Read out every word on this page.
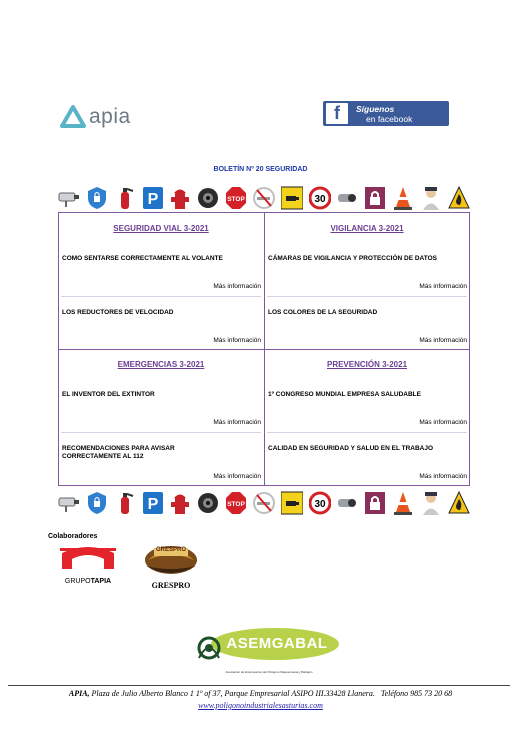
apia	f	Síguenos
en facebook
BOLETÍN Nº 20 SEGURIDAD
P	STOP	30
SEGURIDAD VIAL 3-2021
COMO SENTARSE CORRECTAMENTE AL VOLANTE
Más información
LOS REDUCTORES DE VELOCIDAD
Más información
VIGILANCIA 3-2021
CÁMARAS DE VIGILANCIA Y PROTECCIÓN DE DATOS
Más información
LOS COLORES DE LA SEGURIDAD
Más información
EMERGENCIAS 3-2021
EL INVENTOR DEL EXTINTOR
Más información
RECOMENDACIONES PARA AVISAR CORRECTAMENTE AL 112
Más información
PREVENCIÓN 3-2021
1º CONGRESO MUNDIAL EMPRESA SALUDABLE
Más información
CALIDAD EN SEGURIDAD Y SALUD EN EL TRABAJO
Más información
P	STOP	30
Colaboradores
GRUPOTAPIA
GRESPRO
GRESPRO
ASEMGABAL
Asociación de Empresarios del Polígono Maqua-Gavaj y Babajón
APIA, Plaza de Julio Alberto Blanco 1 1º of 37, Parque Empresarial ASIPO III.33428 Llanera. Teléfono 985 73 20 68
www.poligonoindustrialesasturias.com
